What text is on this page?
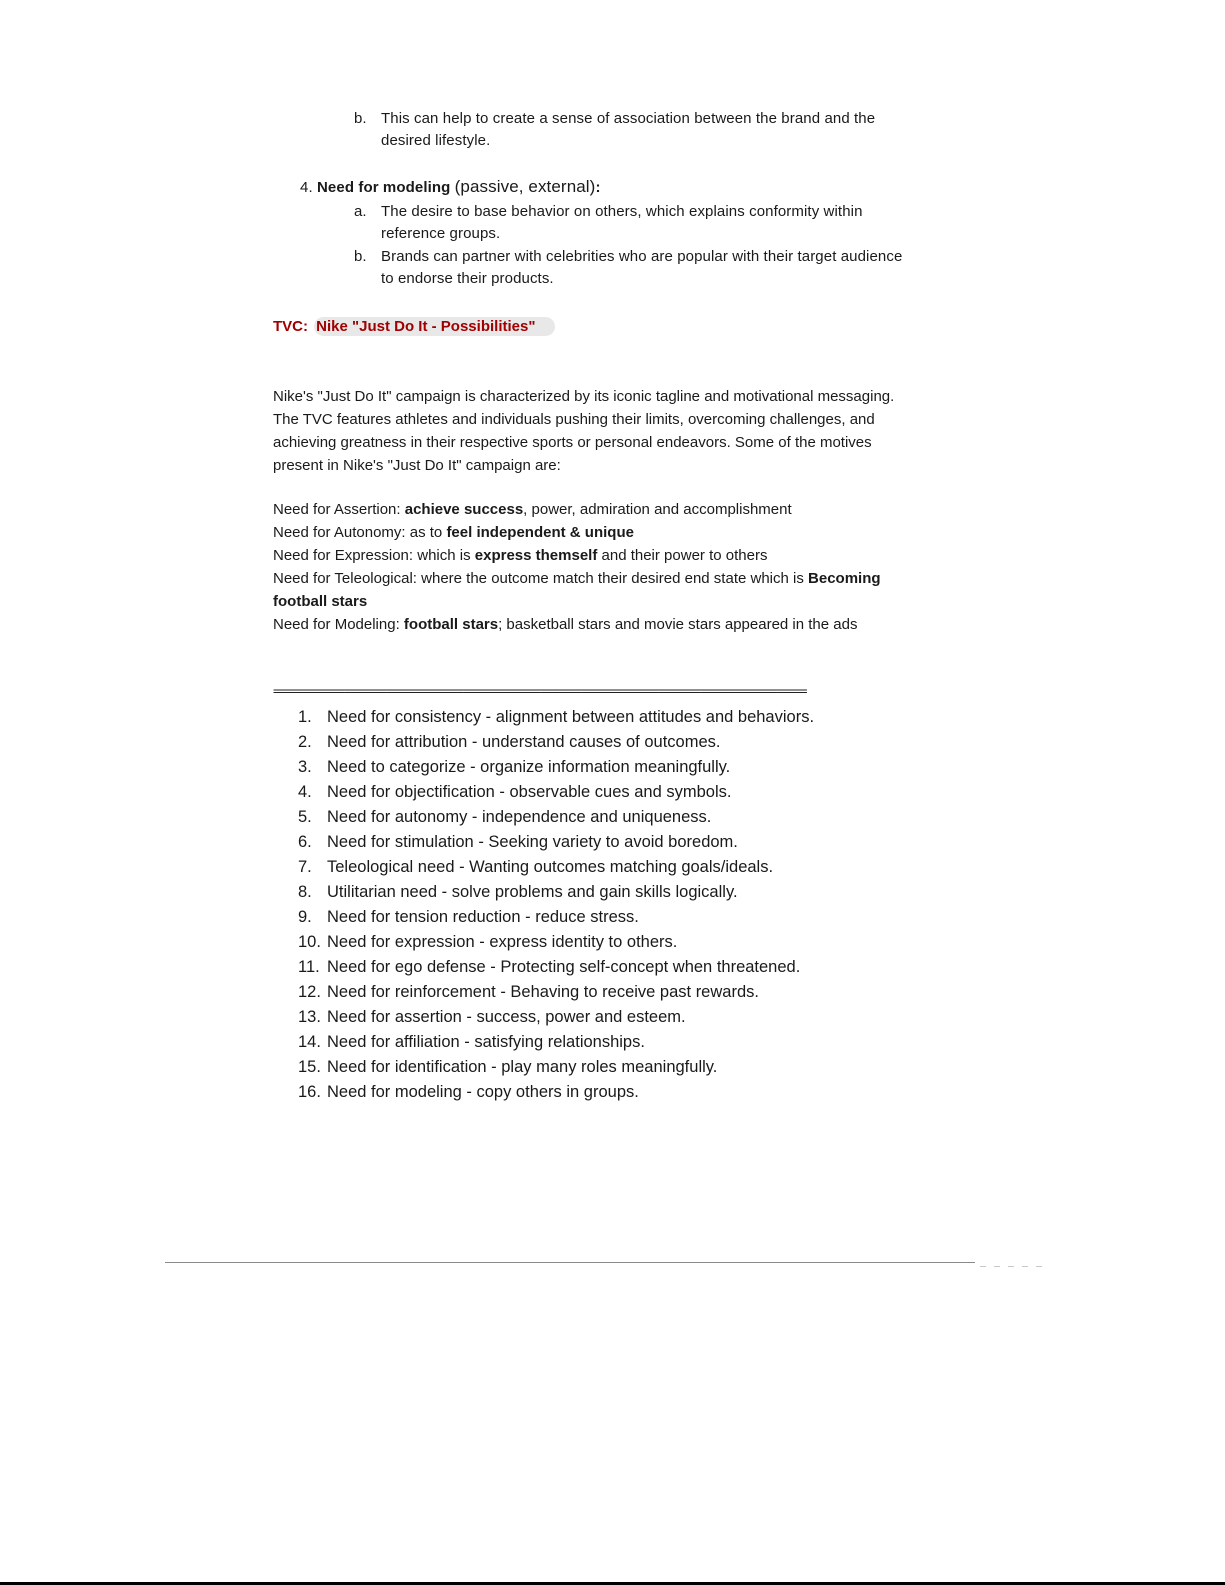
b. This can help to create a sense of association between the brand and the
desired lifestyle.
4. Need for modeling (passive, external):
a. The desire to base behavior on others, which explains conformity within
reference groups.
b. Brands can partner with celebrities who are popular with their target audience
to endorse their products.
TVC: Nike "Just Do It - Possibilities"
Nike's "Just Do It" campaign is characterized by its iconic tagline and motivational messaging.
The TVC features athletes and individuals pushing their limits, overcoming challenges, and
achieving greatness in their respective sports or personal endeavors. Some of the motives
present in Nike's "Just Do It" campaign are:
Need for Assertion: achieve success, power, admiration and accomplishment
Need for Autonomy: as to feel independent & unique
Need for Expression: which is express themself and their power to others
Need for Teleological: where the outcome match their desired end state which is Becoming
football stars
Need for Modeling: football stars; basketball stars and movie stars appeared in the ads
==========================================================================================
1. Need for consistency - alignment between attitudes and behaviors.
2. Need for attribution - understand causes of outcomes.
3. Need to categorize - organize information meaningfully.
4. Need for objectification - observable cues and symbols.
5. Need for autonomy - independence and uniqueness.
6. Need for stimulation - Seeking variety to avoid boredom.
7. Teleological need - Wanting outcomes matching goals/ideals.
8. Utilitarian need - solve problems and gain skills logically.
9. Need for tension reduction - reduce stress.
10. Need for expression - express identity to others.
11. Need for ego defense - Protecting self-concept when threatened.
12. Need for reinforcement - Behaving to receive past rewards.
13. Need for assertion - success, power and esteem.
14. Need for affiliation - satisfying relationships.
15. Need for identification - play many roles meaningfully.
16. Need for modeling - copy others in groups.
